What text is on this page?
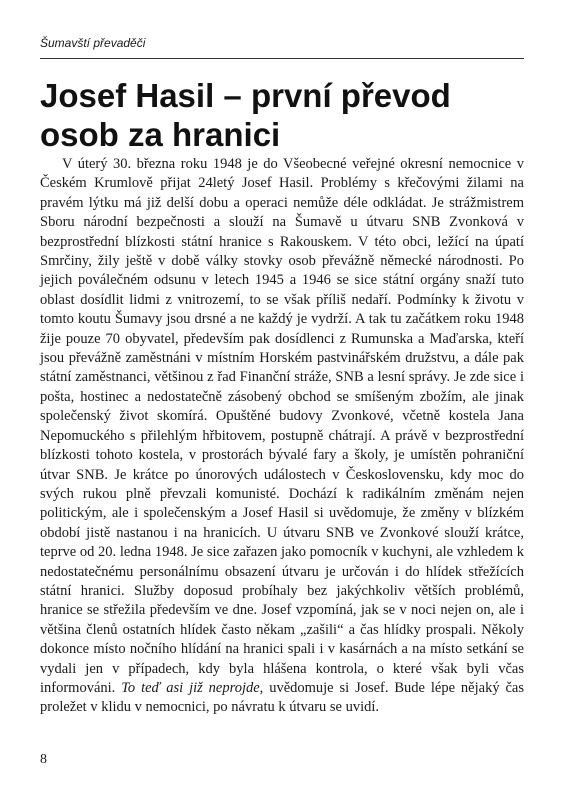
Šumavští převaděči
Josef Hasil – první převod osob za hranici

V úterý 30. března roku 1948 je do Všeobecné veřejné okresní nemocnice v Českém Krumlově přijat 24letý Josef Hasil. Problémy s křečovými žilami na pravém lýtku má již delší dobu a operaci nemůže déle odkládat. Je strážmistrem Sboru národní bezpečnosti a slouží na Šumavě u útvaru SNB Zvonková v bezprostřední blízkosti státní hranice s Rakouskem. V této obci, ležící na úpatí Smrčiny, žily ještě v době války stovky osob převážně německé národnosti. Po jejich poválečném odsunu v letech 1945 a 1946 se sice státní orgány snaží tuto oblast dosídlit lidmi z vnitrozemí, to se však příliš nedaří. Podmínky k životu v tomto koutu Šumavy jsou drsné a ne každý je vydrží. A tak tu začátkem roku 1948 žije pouze 70 obyvatel, především pak dosídlenci z Rumunska a Maďarska, kteří jsou převážně zaměstnáni v místním Horském pastvinářském družstvu, a dále pak státní zaměstnanci, většinou z řad Finanční stráže, SNB a lesní správy. Je zde sice i pošta, hostinec a nedostatečně zásobený obchod se smíšeným zbožím, ale jinak společenský život skomírá. Opuštěné budovy Zvonkové, včetně kostela Jana Nepomuckého s přilehlým hřbitovem, postupně chátrají. A právě v bezprostřední blízkosti tohoto kostela, v prostorách bývalé fary a školy, je umístěn pohraniční útvar SNB. Je krátce po únorových událostech v Československu, kdy moc do svých rukou plně převzali komunisté. Dochází k radikálním změnám nejen politickým, ale i společenským a Josef Hasil si uvědomuje, že změny v blízkém období jistě nastanou i na hranicích. U útvaru SNB ve Zvonkové slouží krátce, teprve od 20. ledna 1948. Je sice zařazen jako pomocník v kuchyni, ale vzhledem k nedostatečnému personálnímu obsazení útvaru je určován i do hlídek střežících státní hranici. Služby doposud probíhaly bez jakýchkoliv větších problémů, hranice se střežila především ve dne. Josef vzpomíná, jak se v noci nejen on, ale i většina členů ostatních hlídek často někam „zašili“ a čas hlídky prospali. Několy dokonce místo nočního hlídání na hranici spali i v kasárnách a na místo setkání se vydali jen v případech, kdy byla hlášena kontrola, o které však byli včas informováni. To teď asi již neprojde, uvědomuje si Josef. Bude lépe nějaký čas proležet v klidu v nemocnici, po návratu k útvaru se uvidí.

8
